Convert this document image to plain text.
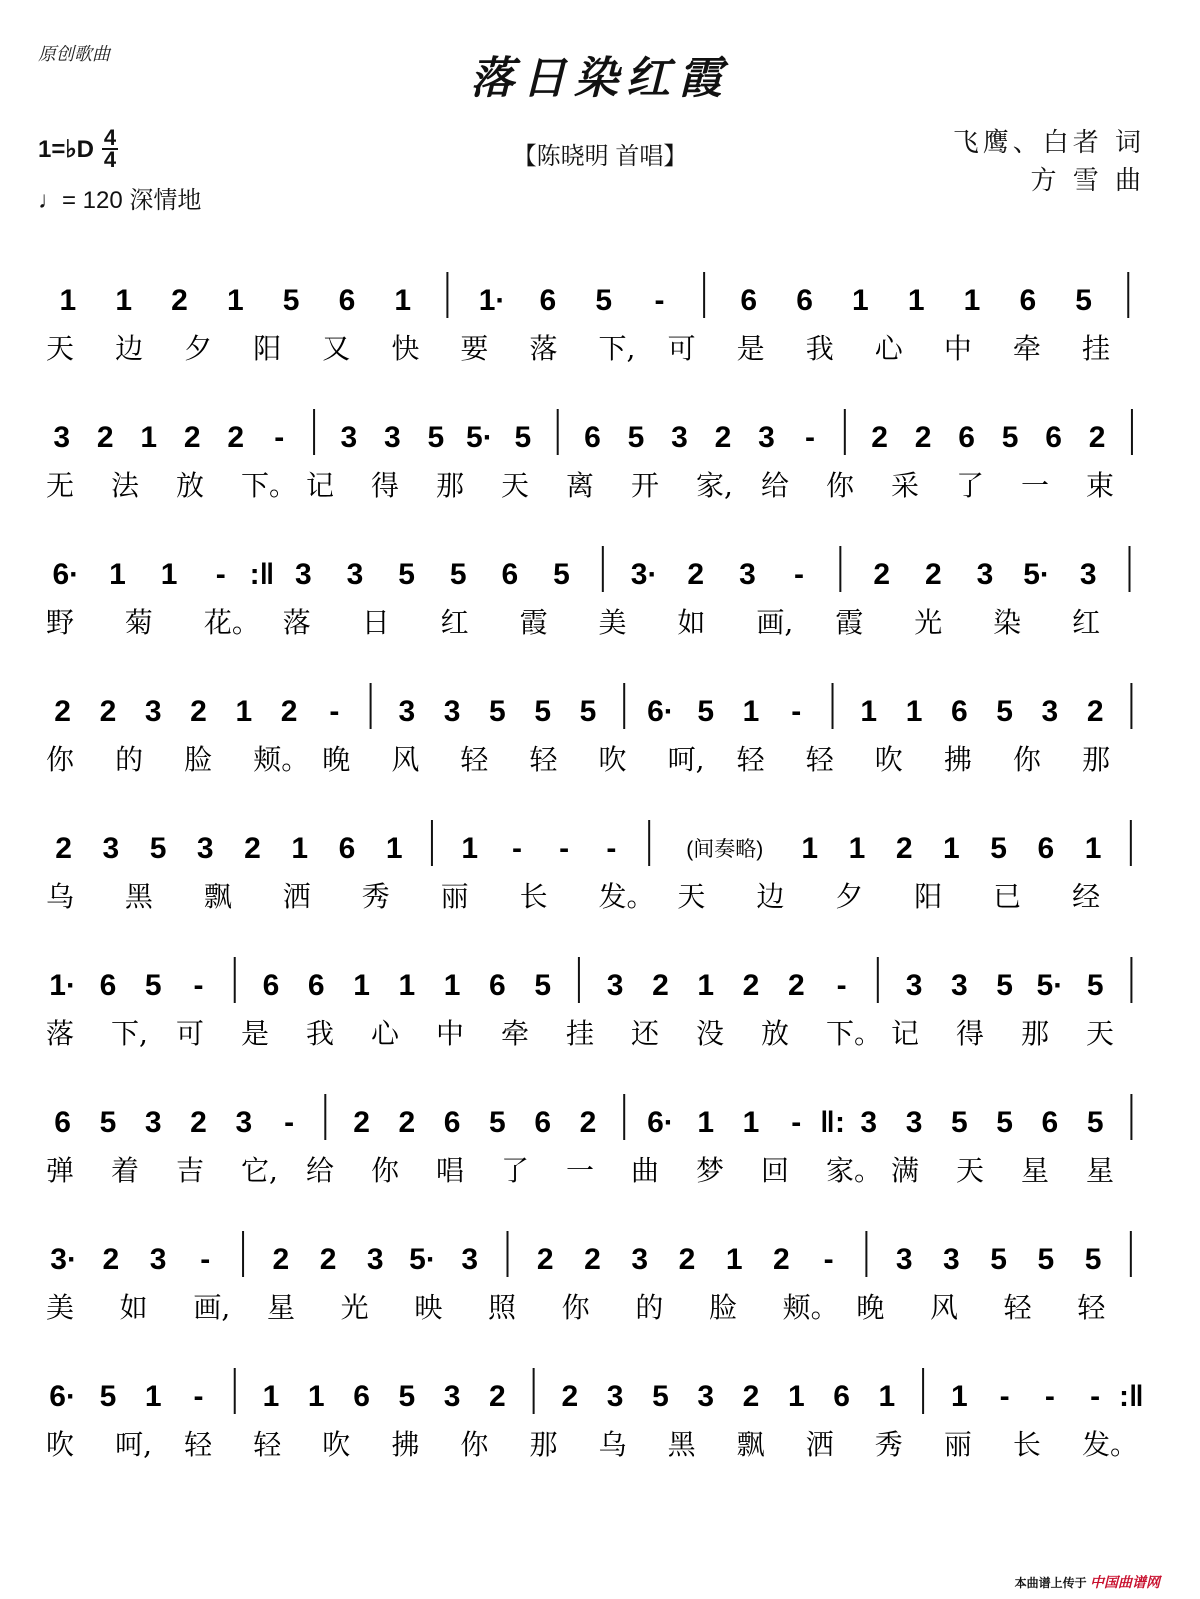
原创歌曲	落日染红霞
1=♭D $\frac{4}{4}$
♩= 120 深情地
【陈晓明 首唱】	飞鹰、白者 词
方 雪 曲
1 1 2 1 5 6 1 1· 6 5 -	6 6 1 1 1 6 5
天 边 夕 阳 又 快 要 落 下, 可 是 我 心 中 牵 挂
3 2 1 2 2 - 3 3 5 5· 5 6 5 3 2 3 - 2 2 6 5 6 2
无 法 放 下。 记 得 那 天 离 开 家, 给 你 采 了 一 束
6· 1 1 - :‖ 3 3 5 5 6 5 3· 2 3 - 2 2 3 5· 3
野 菊 花。 落 日 红 霞 美 如 画, 霞 光 染 红
2 2 3 2 1 2 - 3 3 5 5 5 6· 5 1 - 1 1 6 5 3 2
你 的 脸 颊。 晚 风 轻 轻 吹 呵, 轻 轻 吹 拂 你 那
2 3 5 3 2 1 6 1 1 - - -	(间奏略) 1 1 2 1 5 6 1
乌 黑 飘 洒 秀 丽 长 发。 天 边 夕 阳 已 经
1· 6 5 - 6 6 1 1 1 6 5 3 2 1 2 2 - 3 3 5 5· 5
落 下, 可 是 我 心 中 牵 挂 还 没 放 下。 记 得 那 天
6 5 3 2 3 - 2 2 6 5 6 2 6· 1 1 - ‖: 3 3 5 5 6 5
弹 着 吉 它, 给 你 唱 了 一 曲 梦 回 家。 满 天 星 星
3· 2 3 - 2 2 3 5· 3 2 2 3 2 1 2 - 3 3 5 5 5
美 如 画, 星 光 映 照 你 的 脸 颊。 晚 风 轻 轻
6· 5 1 - 1 1 6 5 3 2 2 3 5 3 2 1 6 1 1 - - - :‖
吹 呵, 轻 轻 吹 拂 你 那 乌 黑 飘 洒 秀 丽 长 发。
本曲谱上传于 中国曲谱网
